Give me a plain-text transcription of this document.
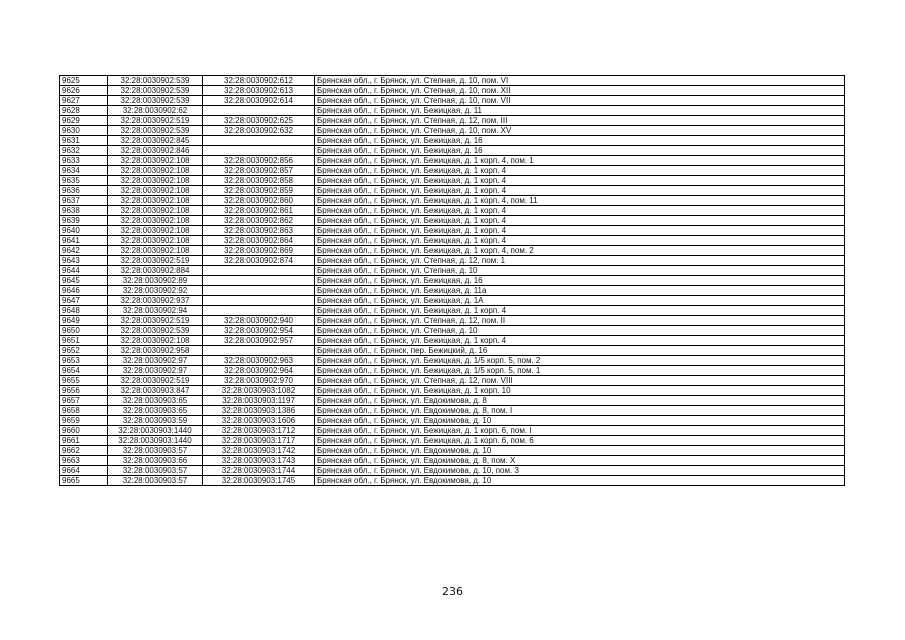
9625	32:28:0030902:539	32:28:0030902:612	Брянская обл., г. Брянск, ул. Степная, д. 10, пом. VI
9626	32:28:0030902:539	32:28:0030902:613	Брянская обл., г. Брянск, ул. Степная, д. 10, пом. XII
9627	32:28:0030902:539	32:28:0030902:614	Брянская обл., г. Брянск, ул. Степная, д. 10, пом. VII
9628	32:28:0030902:62		Брянская обл., г. Брянск, ул. Бежицкая, д. 11
9629	32:28:0030902:519	32:28:0030902:625	Брянская обл., г. Брянск, ул. Степная, д. 12, пом. III
9630	32:28:0030902:539	32:28:0030902:632	Брянская обл., г. Брянск, ул. Степная, д. 10, пом. XV
9631	32:28:0030902:845		Брянская обл., г. Брянск, ул. Бежицкая, д. 16
9632	32:28:0030902:846		Брянская обл., г. Брянск, ул. Бежицкая, д. 16
9633	32:28:0030902:108	32:28:0030902:856	Брянская обл., г. Брянск, ул. Бежицкая, д. 1 корп. 4, пом. 1
9634	32:28:0030902:108	32:28:0030902:857	Брянская обл., г. Брянск, ул. Бежицкая, д. 1 корп. 4
9635	32:28:0030902:108	32:28:0030902:858	Брянская обл., г. Брянск, ул. Бежицкая, д. 1 корп. 4
9636	32:28:0030902:108	32:28:0030902:859	Брянская обл., г. Брянск, ул. Бежицкая, д. 1 корп. 4
9637	32:28:0030902:108	32:28:0030902:860	Брянская обл., г. Брянск, ул. Бежицкая, д. 1 корп. 4, пом. 11
9638	32:28:0030902:108	32:28:0030902:861	Брянская обл., г. Брянск, ул. Бежицкая, д. 1 корп. 4
9639	32:28:0030902:108	32:28:0030902:862	Брянская обл., г. Брянск, ул. Бежицкая, д. 1 корп. 4
9640	32:28:0030902:108	32:28:0030902:863	Брянская обл., г. Брянск, ул. Бежицкая, д. 1 корп. 4
9641	32:28:0030902:108	32:28:0030902:864	Брянская обл., г. Брянск, ул. Бежицкая, д. 1 корп. 4
9642	32:28:0030902:108	32:28:0030902:869	Брянская обл., г. Брянск, ул. Бежицкая, д. 1 корп. 4, пом. 2
9643	32:28:0030902:519	32:28:0030902:874	Брянская обл., г. Брянск, ул. Степная, д. 12, пом. 1
9644	32:28:0030902:884		Брянская обл., г. Брянск, ул. Степная, д. 10
9645	32:28:0030902:89		Брянская обл., г. Брянск, ул. Бежицкая, д. 16
9646	32:28:0030902:92		Брянская обл., г. Брянск, ул. Бежицкая, д. 11а
9647	32:28:0030902:937		Брянская обл., г. Брянск, ул. Бежицкая, д. 1А
9648	32:28:0030902:94		Брянская обл., г. Брянск, ул. Бежицкая, д. 1 корп. 4
9649	32:28:0030902:519	32:28:0030902:940	Брянская обл., г. Брянск, ул. Степная, д. 12, пом. II
9650	32:28:0030902:539	32:28:0030902:954	Брянская обл., г. Брянск, ул. Степная, д. 10
9651	32:28:0030902:108	32:28:0030902:957	Брянская обл., г. Брянск, ул. Бежицкая, д. 1 корп. 4
9652	32:28:0030902:958		Брянская обл., г. Брянск, пер. Бежицкий, д. 16
9653	32:28:0030902:97	32:28:0030902:963	Брянская обл., г. Брянск, ул. Бежицкая, д. 1/5 корп. 5, пом. 2
9654	32:28:0030902:97	32:28:0030902:964	Брянская обл., г. Брянск, ул. Бежицкая, д. 1/5 корп. 5, пом. 1
9655	32:28:0030902:519	32:28:0030902:970	Брянская обл., г. Брянск, ул. Степная, д. 12, пом. VIII
9656	32:28:0030903:847	32:28:0030903:1082	Брянская обл., г. Брянск, ул. Бежицкая, д. 1 корп. 10
9657	32:28:0030903:65	32:28:0030903:1197	Брянская обл., г. Брянск, ул. Евдокимова, д. 8
9658	32:28:0030903:65	32:28:0030903:1386	Брянская обл., г. Брянск, ул. Евдокимова, д. 8, пом. I
9659	32:28:0030903:59	32:28:0030903:1606	Брянская обл., г. Брянск, ул. Евдокимова, д. 10
9660	32:28:0030903:1440	32:28:0030903:1712	Брянская обл., г. Брянск, ул. Бежицкая, д. 1 корп. 6, пом. I
9661	32:28:0030903:1440	32:28:0030903:1717	Брянская обл., г. Брянск, ул. Бежицкая, д. 1 корп. 6, пом. 6
9662	32:28:0030903:57	32:28:0030903:1742	Брянская обл., г. Брянск, ул. Евдокимова, д. 10
9663	32:28:0030903:66	32:28:0030903:1743	Брянская обл., г. Брянск, ул. Евдокимова, д. 8, пом. X
9664	32:28:0030903:57	32:28:0030903:1744	Брянская обл., г. Брянск, ул. Евдокимова, д. 10, пом. 3
9665	32:28:0030903:57	32:28:0030903:1745	Брянская обл., г. Брянск, ул. Евдокимова, д. 10
236
